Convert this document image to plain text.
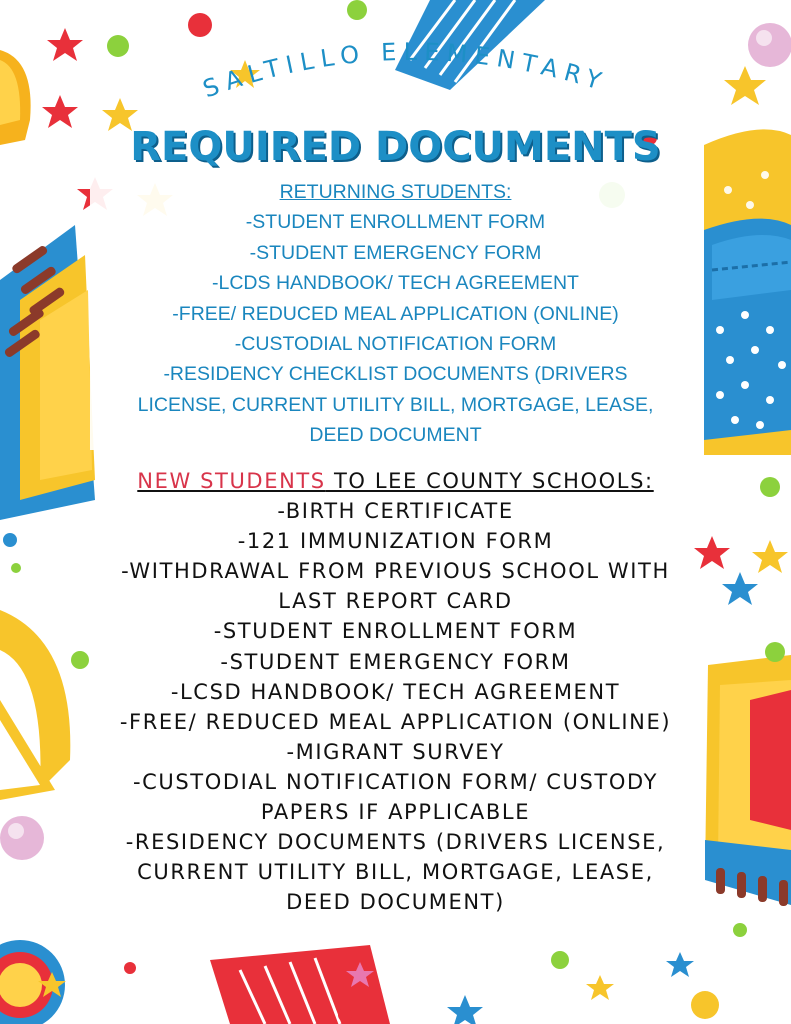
SALTILLO ELEMENTARY
REQUIRED DOCUMENTS
RETURNING STUDENTS:
-STUDENT ENROLLMENT FORM
-STUDENT EMERGENCY FORM
-LCDS HANDBOOK/ TECH AGREEMENT
-FREE/ REDUCED MEAL APPLICATION (ONLINE)
-CUSTODIAL NOTIFICATION FORM
-RESIDENCY CHECKLIST DOCUMENTS (DRIVERS
LICENSE, CURRENT UTILITY BILL, MORTGAGE, LEASE,
DEED DOCUMENT
NEW STUDENTS TO LEE COUNTY SCHOOLS:
-BIRTH CERTIFICATE
-121 IMMUNIZATION FORM
-WITHDRAWAL FROM PREVIOUS SCHOOL WITH
LAST REPORT CARD
-STUDENT ENROLLMENT FORM
-STUDENT EMERGENCY FORM
-LCSD HANDBOOK/ TECH AGREEMENT
-FREE/ REDUCED MEAL APPLICATION (ONLINE)
-MIGRANT SURVEY
-CUSTODIAL NOTIFICATION FORM/ CUSTODY
PAPERS IF APPLICABLE
-RESIDENCY DOCUMENTS (DRIVERS LICENSE,
CURRENT UTILITY BILL, MORTGAGE, LEASE,
DEED DOCUMENT)
